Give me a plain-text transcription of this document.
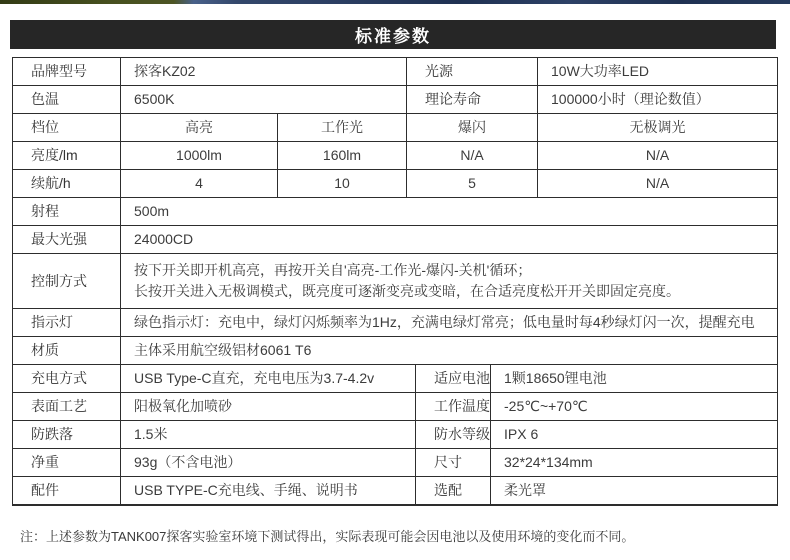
标准参数
品牌型号	探客KZ02		光源			10W大功率LED
色温	6500K		理论寿命			100000小时（理论数值）
档位	高亮	工作光	爆闪			无极调光
亮度/lm	1000lm	160lm	N/A			N/A
续航/h	4	10	5			N/A
射程	500m					
最大光强	24000CD					
控制方式	按下开关即开机高亮，再按开关自'高亮-工作光-爆闪-关机'循环；
长按开关进入无极调模式，既亮度可逐渐变亮或变暗，在合适亮度松开开关即固定亮度。					

指示灯	绿色指示灯：充电中，绿灯闪烁频率为1Hz，充满电绿灯常亮；低电量时每4秒绿灯闪一次，提醒充电					
材质	主体采用航空级铝材6061 T6					
充电方式	USB Type-C直充，充电电压为3.7-4.2v			适应电池	1颗18650锂电池	
表面工艺	阳极氧化加喷砂			工作温度	-25℃~+70℃	
防跌落	1.5米			防水等级	IPX 6	
净重	93g（不含电池）			尺寸	32*24*134mm	
配件	USB TYPE-C充电线、手绳、说明书			选配	柔光罩	
注：上述参数为TANK007探客实验室环境下测试得出，实际表现可能会因电池以及使用环境的变化而不同。
